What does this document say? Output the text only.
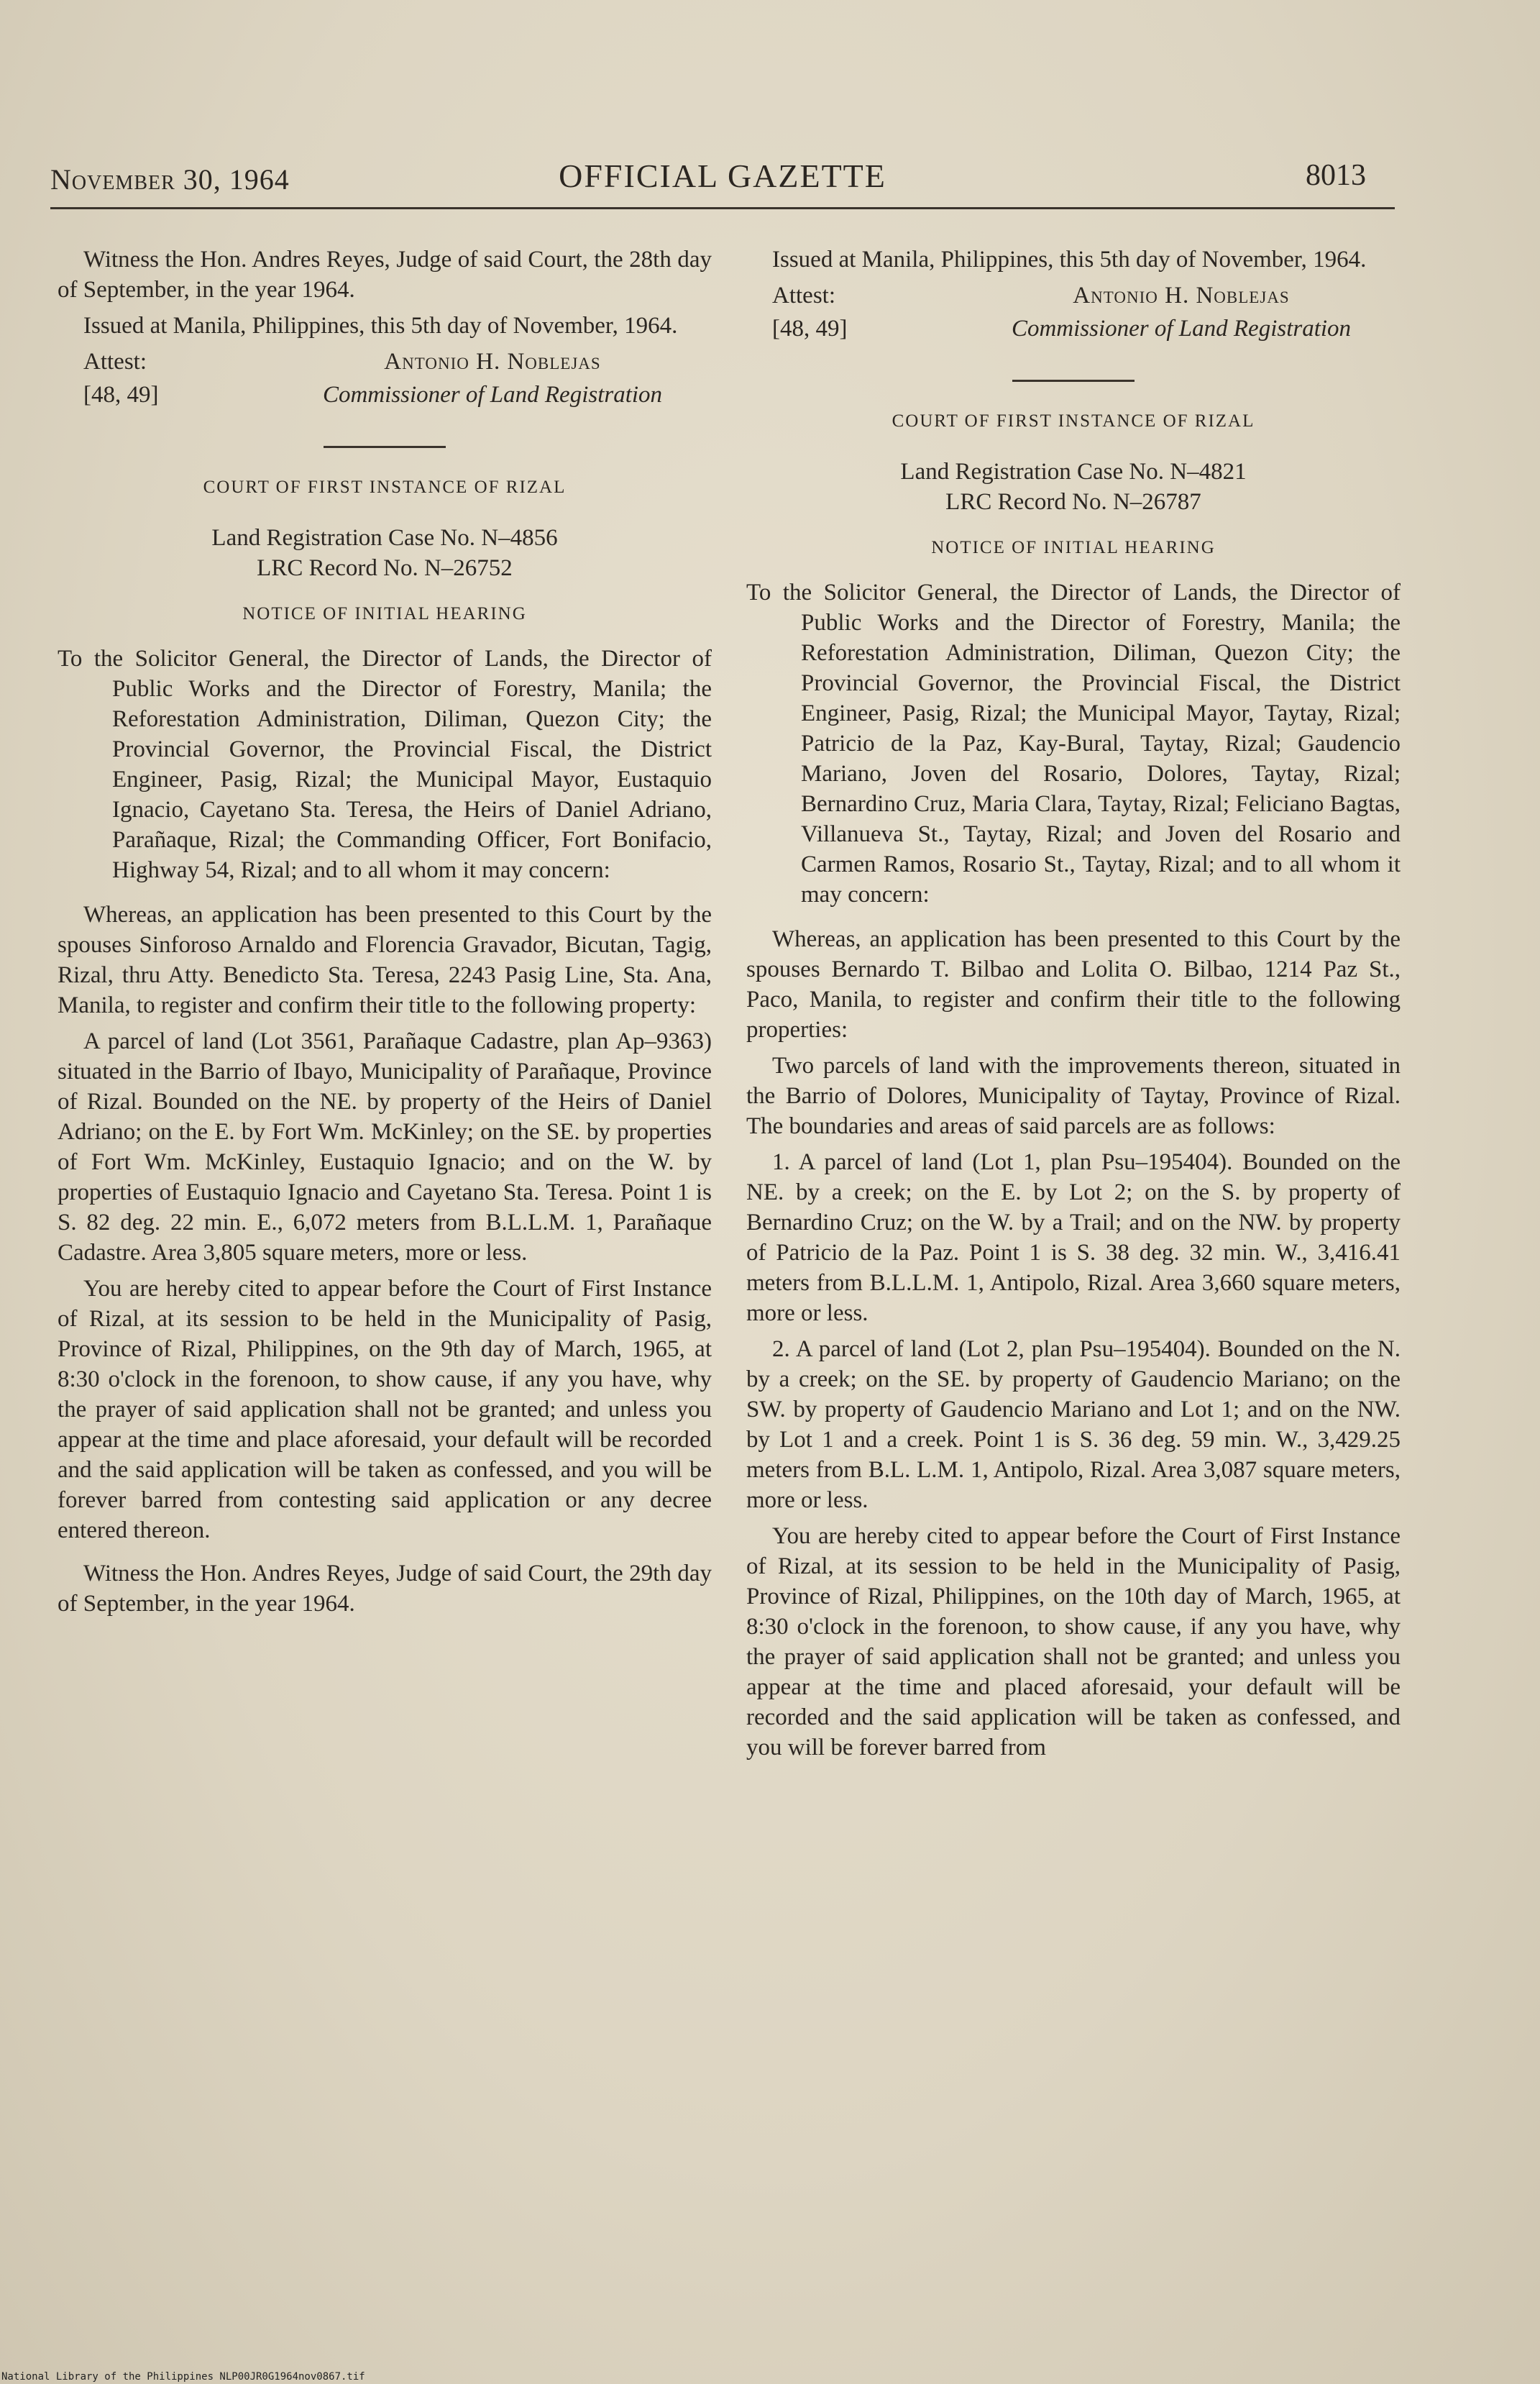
November 30, 1964	OFFICIAL GAZETTE	8013

Witness the Hon. Andres Reyes, Judge of said Court, the 28th day of September, in the year 1964.

Issued at Manila, Philippines, this 5th day of November, 1964.

Attest:	Antonio H. Noblejas
[48, 49]	Commissioner of Land Registration

COURT OF FIRST INSTANCE OF RIZAL

Land Registration Case No. N–4856

LRC Record No. N–26752

NOTICE OF INITIAL HEARING

To the Solicitor General, the Director of Lands, the Director of Public Works and the Director of Forestry, Manila; the Reforestation Administration, Diliman, Quezon City; the Provincial Governor, the Provincial Fiscal, the District Engineer, Pasig, Rizal; the Municipal Mayor, Eustaquio Ignacio, Cayetano Sta. Teresa, the Heirs of Daniel Adriano, Parañaque, Rizal; the Commanding Officer, Fort Bonifacio, Highway 54, Rizal; and to all whom it may concern:

Whereas, an application has been presented to this Court by the spouses Sinforoso Arnaldo and Florencia Gravador, Bicutan, Tagig, Rizal, thru Atty. Benedicto Sta. Teresa, 2243 Pasig Line, Sta. Ana, Manila, to register and confirm their title to the following property:

A parcel of land (Lot 3561, Parañaque Cadastre, plan Ap–9363) situated in the Barrio of Ibayo, Municipality of Parañaque, Province of Rizal. Bounded on the NE. by property of the Heirs of Daniel Adriano; on the E. by Fort Wm. McKinley; on the SE. by properties of Fort Wm. McKinley, Eustaquio Ignacio; and on the W. by properties of Eustaquio Ignacio and Cayetano Sta. Teresa. Point 1 is S. 82 deg. 22 min. E., 6,072 meters from B.L.L.M. 1, Parañaque Cadastre. Area 3,805 square meters, more or less.

You are hereby cited to appear before the Court of First Instance of Rizal, at its session to be held in the Municipality of Pasig, Province of Rizal, Philippines, on the 9th day of March, 1965, at 8:30 o'clock in the forenoon, to show cause, if any you have, why the prayer of said application shall not be granted; and unless you appear at the time and place aforesaid, your default will be recorded and the said application will be taken as confessed, and you will be forever barred from contesting said application or any decree entered thereon.

Witness the Hon. Andres Reyes, Judge of said Court, the 29th day of September, in the year 1964.

Issued at Manila, Philippines, this 5th day of November, 1964.

Attest:	Antonio H. Noblejas
[48, 49]	Commissioner of Land Registration

COURT OF FIRST INSTANCE OF RIZAL

Land Registration Case No. N–4821

LRC Record No. N–26787

NOTICE OF INITIAL HEARING

To the Solicitor General, the Director of Lands, the Director of Public Works and the Director of Forestry, Manila; the Reforestation Administration, Diliman, Quezon City; the Provincial Governor, the Provincial Fiscal, the District Engineer, Pasig, Rizal; the Municipal Mayor, Taytay, Rizal; Patricio de la Paz, Kay-Bural, Taytay, Rizal; Gaudencio Mariano, Joven del Rosario, Dolores, Taytay, Rizal; Bernardino Cruz, Maria Clara, Taytay, Rizal; Feliciano Bagtas, Villanueva St., Taytay, Rizal; and Joven del Rosario and Carmen Ramos, Rosario St., Taytay, Rizal; and to all whom it may concern:

Whereas, an application has been presented to this Court by the spouses Bernardo T. Bilbao and Lolita O. Bilbao, 1214 Paz St., Paco, Manila, to register and confirm their title to the following properties:

Two parcels of land with the improvements thereon, situated in the Barrio of Dolores, Municipality of Taytay, Province of Rizal. The boundaries and areas of said parcels are as follows:

1. A parcel of land (Lot 1, plan Psu–195404). Bounded on the NE. by a creek; on the E. by Lot 2; on the S. by property of Bernardino Cruz; on the W. by a Trail; and on the NW. by property of Patricio de la Paz. Point 1 is S. 38 deg. 32 min. W., 3,416.41 meters from B.L.L.M. 1, Antipolo, Rizal. Area 3,660 square meters, more or less.

2. A parcel of land (Lot 2, plan Psu–195404). Bounded on the N. by a creek; on the SE. by property of Gaudencio Mariano; on the SW. by property of Gaudencio Mariano and Lot 1; and on the NW. by Lot 1 and a creek. Point 1 is S. 36 deg. 59 min. W., 3,429.25 meters from B.L. L.M. 1, Antipolo, Rizal. Area 3,087 square meters, more or less.

You are hereby cited to appear before the Court of First Instance of Rizal, at its session to be held in the Municipality of Pasig, Province of Rizal, Philippines, on the 10th day of March, 1965, at 8:30 o'clock in the forenoon, to show cause, if any you have, why the prayer of said application shall not be granted; and unless you appear at the time and placed aforesaid, your default will be recorded and the said application will be taken as confessed, and you will be forever barred from

National Library of the Philippines NLP00JR0G1964nov0867.tif
